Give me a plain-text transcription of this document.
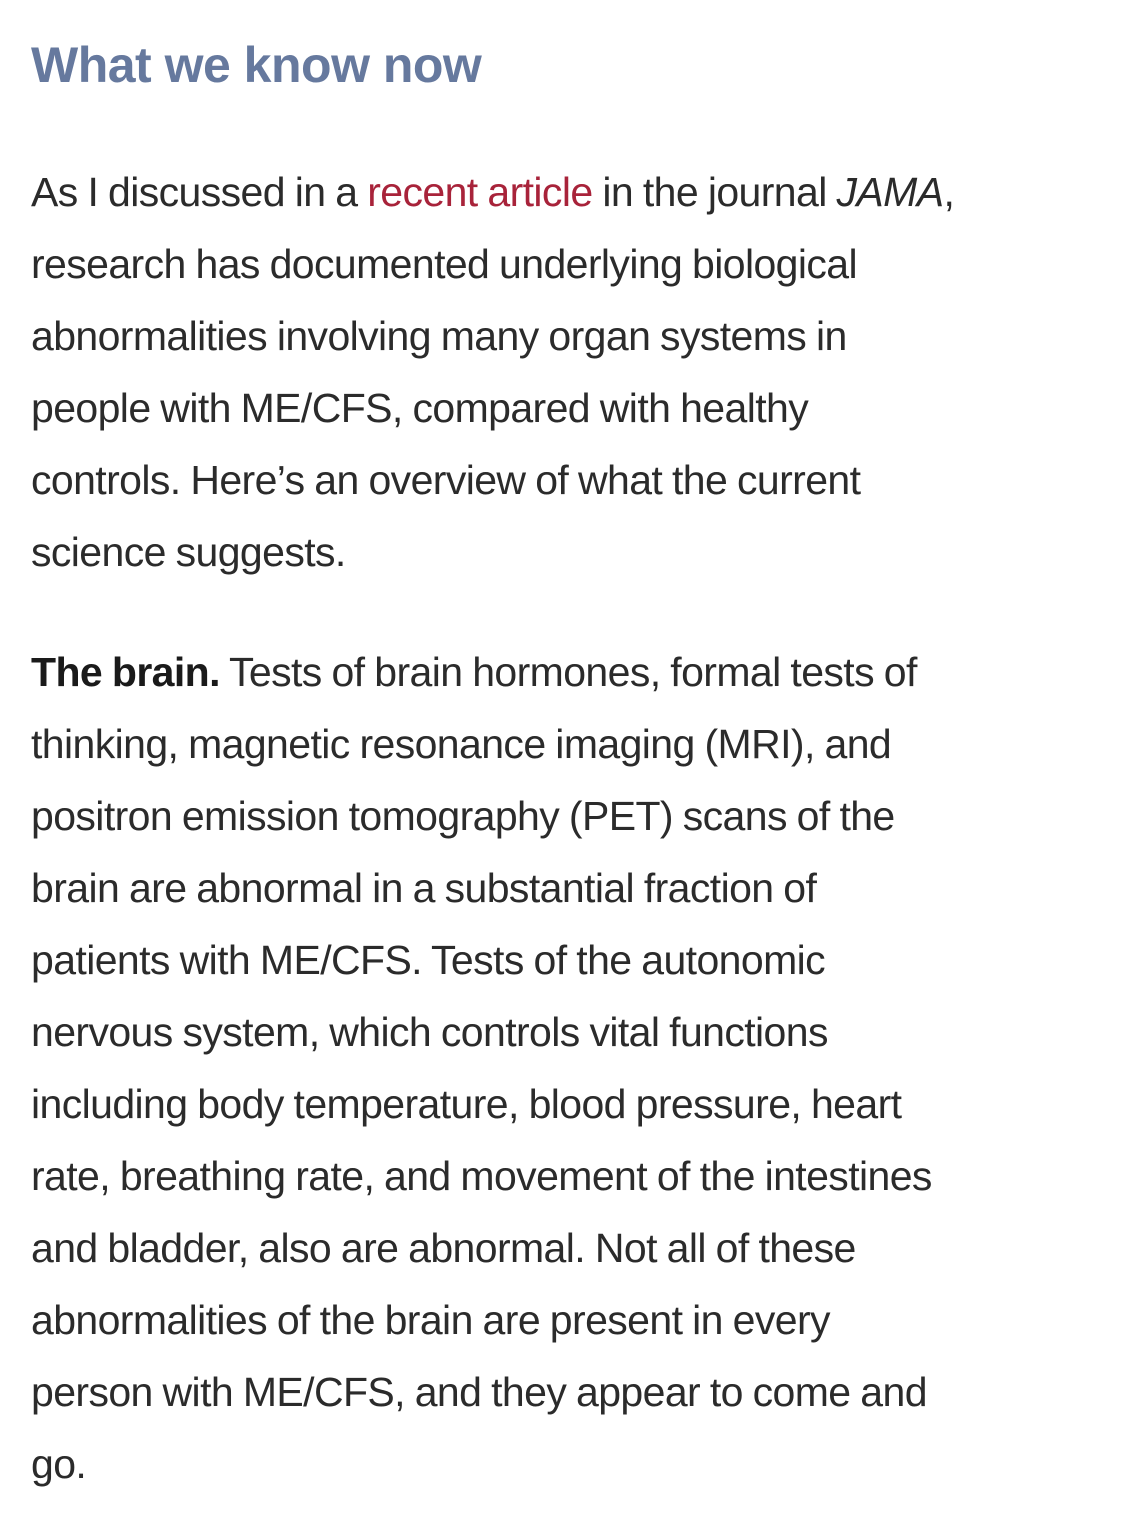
What we know now

As I discussed in a recent article in the journal JAMA,
research has documented underlying biological
abnormalities involving many organ systems in
people with ME/CFS, compared with healthy
controls. Here’s an overview of what the current
science suggests.

The brain. Tests of brain hormones, formal tests of
thinking, magnetic resonance imaging (MRI), and
positron emission tomography (PET) scans of the
brain are abnormal in a substantial fraction of
patients with ME/CFS. Tests of the autonomic
nervous system, which controls vital functions
including body temperature, blood pressure, heart
rate, breathing rate, and movement of the intestines
and bladder, also are abnormal. Not all of these
abnormalities of the brain are present in every
person with ME/CFS, and they appear to come and
go.
